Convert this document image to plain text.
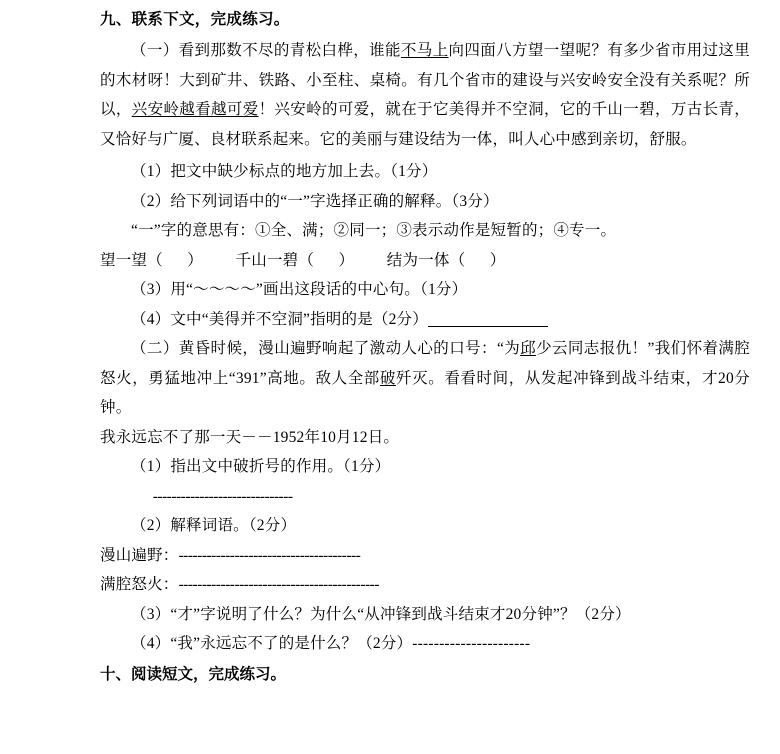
九、联系下文，完成练习。

（一）看到那数不尽的青松白桦，谁能不马上向四面八方望一望呢？有多少省市用过这里的木材呀！大到矿井、铁路、小至柱、桌椅。有几个省市的建设与兴安岭安全没有关系呢？所以，兴安岭越看越可爱！兴安岭的可爱，就在于它美得并不空洞，它的千山一碧，万古长青，又恰好与广厦、良材联系起来。它的美丽与建设结为一体，叫人心中感到亲切，舒服。

（1）把文中缺少标点的地方加上去。（1分）

（2）给下列词语中的“一”字选择正确的解释。（3分）

“一”字的意思有：①全、满；②同一；③表示动作是短暂的；④专一。

望一望（      ）        千山一碧（      ）        结为一体（      ）

（3）用“～～～～”画出这段话的中心句。（1分）

（4）文中“美得并不空洞”指明的是（2分）

（二）黄昏时候，漫山遍野响起了激动人心的口号：“为邱少云同志报仇！”我们怀着满腔怒火，勇猛地冲上“391”高地。敌人全部破歼灭。看看时间，从发起冲锋到战斗结束，才20分钟。

我永远忘不了那一天－－1952年10月12日。

（1）指出文中破折号的作用。（1分）

------------------------------

（2）解释词语。（2分）

漫山遍野：---------------------------------------

满腔怒火：-------------------------------------------

（3）“才”字说明了什么？为什么“从冲锋到战斗结束才20分钟”？（2分）

（4）“我”永远忘不了的是什么？（2分）----------------------

十、阅读短文，完成练习。
